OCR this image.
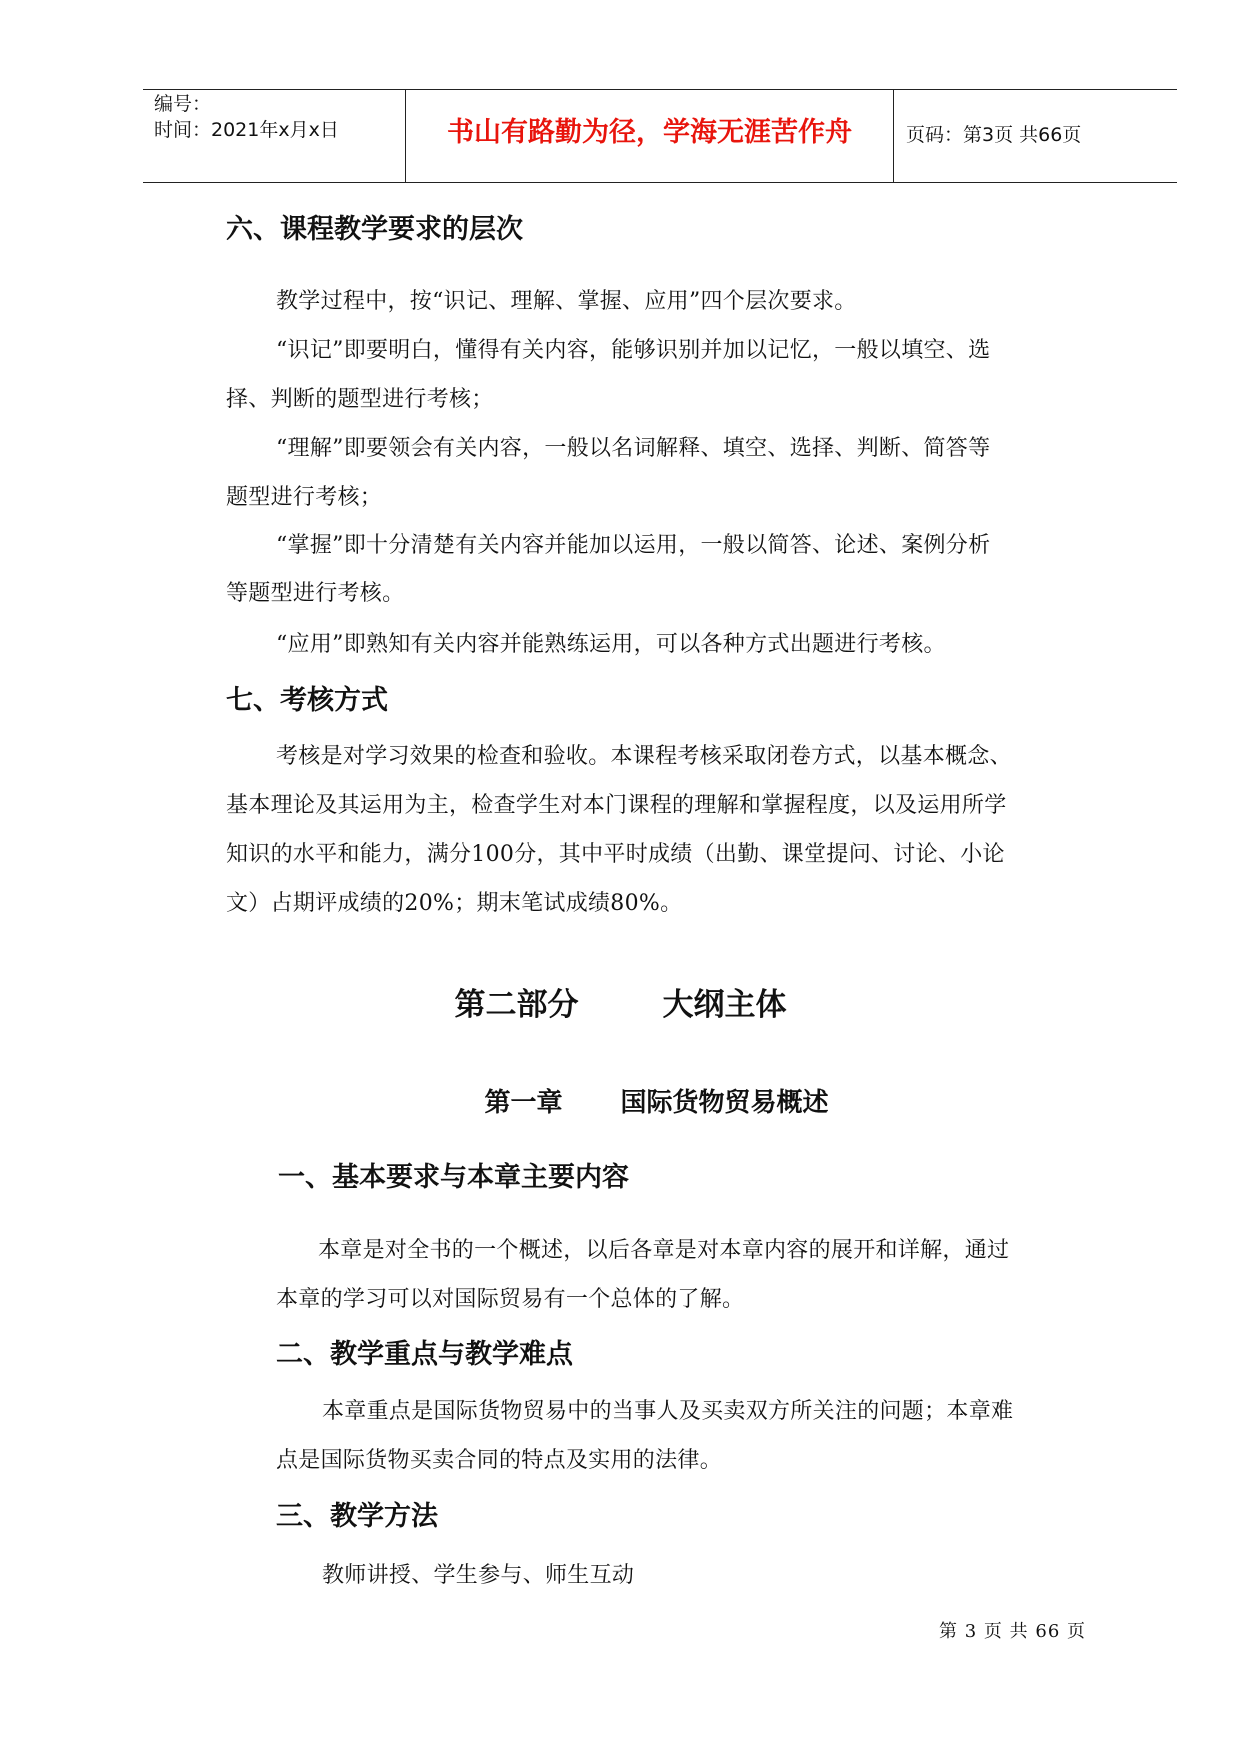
编号：
时间：2021年x月x日	书山有路勤为径，学海无涯苦作舟	页码：第3页 共66页
六、课程教学要求的层次
教学过程中，按“识记、理解、掌握、应用”四个层次要求。
“识记”即要明白，懂得有关内容，能够识别并加以记忆，一般以填空、选
择、判断的题型进行考核；
“理解”即要领会有关内容，一般以名词解释、填空、选择、判断、简答等
题型进行考核；
“掌握”即十分清楚有关内容并能加以运用，一般以简答、论述、案例分析
等题型进行考核。
“应用”即熟知有关内容并能熟练运用，可以各种方式出题进行考核。
七、考核方式
考核是对学习效果的检查和验收。本课程考核采取闭卷方式，以基本概念、
基本理论及其运用为主，检查学生对本门课程的理解和掌握程度，以及运用所学
知识的水平和能力，满分100分，其中平时成绩（出勤、课堂提问、讨论、小论
文）占期评成绩的20%；期末笔试成绩80%。
第二部分	大纲主体
第一章 国际货物贸易概述
一、基本要求与本章主要内容
本章是对全书的一个概述，以后各章是对本章内容的展开和详解，通过
本章的学习可以对国际贸易有一个总体的了解。
二、教学重点与教学难点
本章重点是国际货物贸易中的当事人及买卖双方所关注的问题；本章难
点是国际货物买卖合同的特点及实用的法律。
三、教学方法
教师讲授、学生参与、师生互动
第 3 页 共 66 页
